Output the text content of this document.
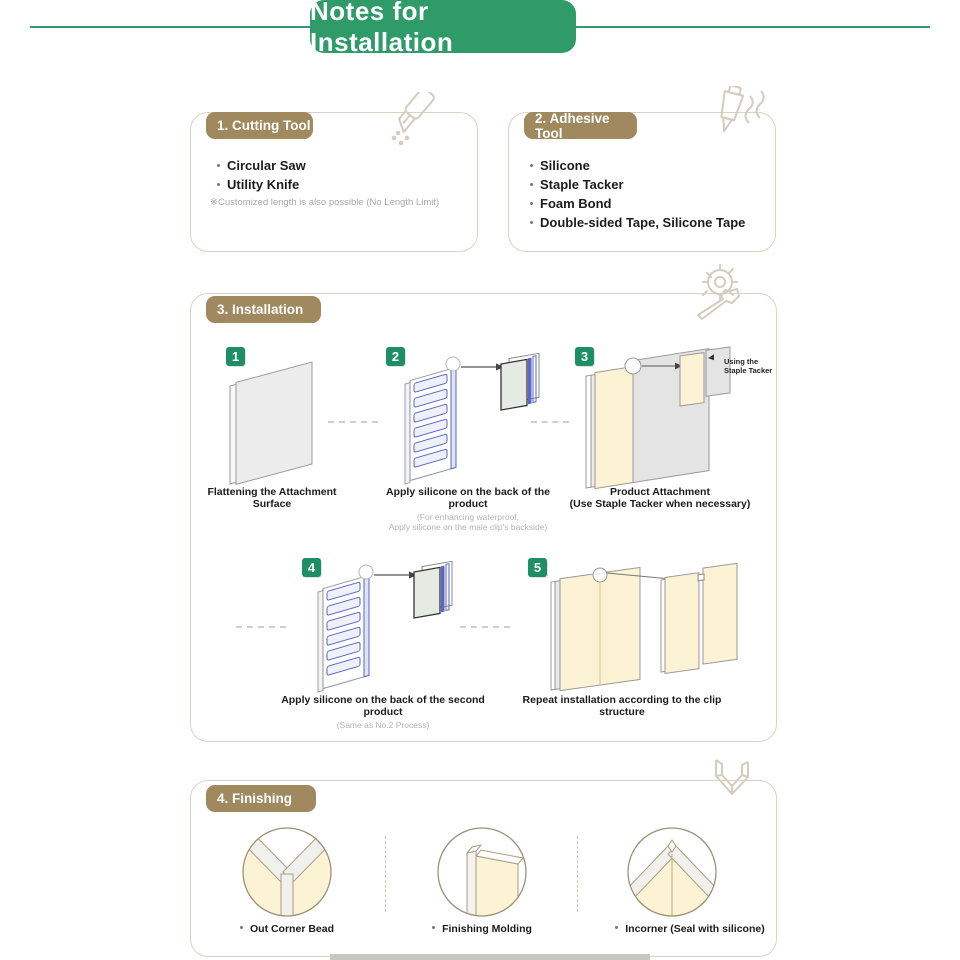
Notes for Installation
1. Cutting Tool
Circular Saw
Utility Knife
※Customized length is also possible (No Length Limit)
2. Adhesive Tool
Silicone
Staple Tacker
Foam Bond
Double-sided Tape, Silicone Tape
3. Installation
1	2	3
4	5
Using the Staple Tacker
Flattening the Attachment Surface
Apply silicone on the back of the product
(For enhancing waterproof,
Apply silicone on the male clip's backside)
Product Attachment
(Use Staple Tacker when necessary)
Apply silicone on the back of the second product
(Same as No.2 Process)
Repeat installation according to the clip structure
4. Finishing
Out Corner Bead	Finishing Molding	Incorner (Seal with silicone)
